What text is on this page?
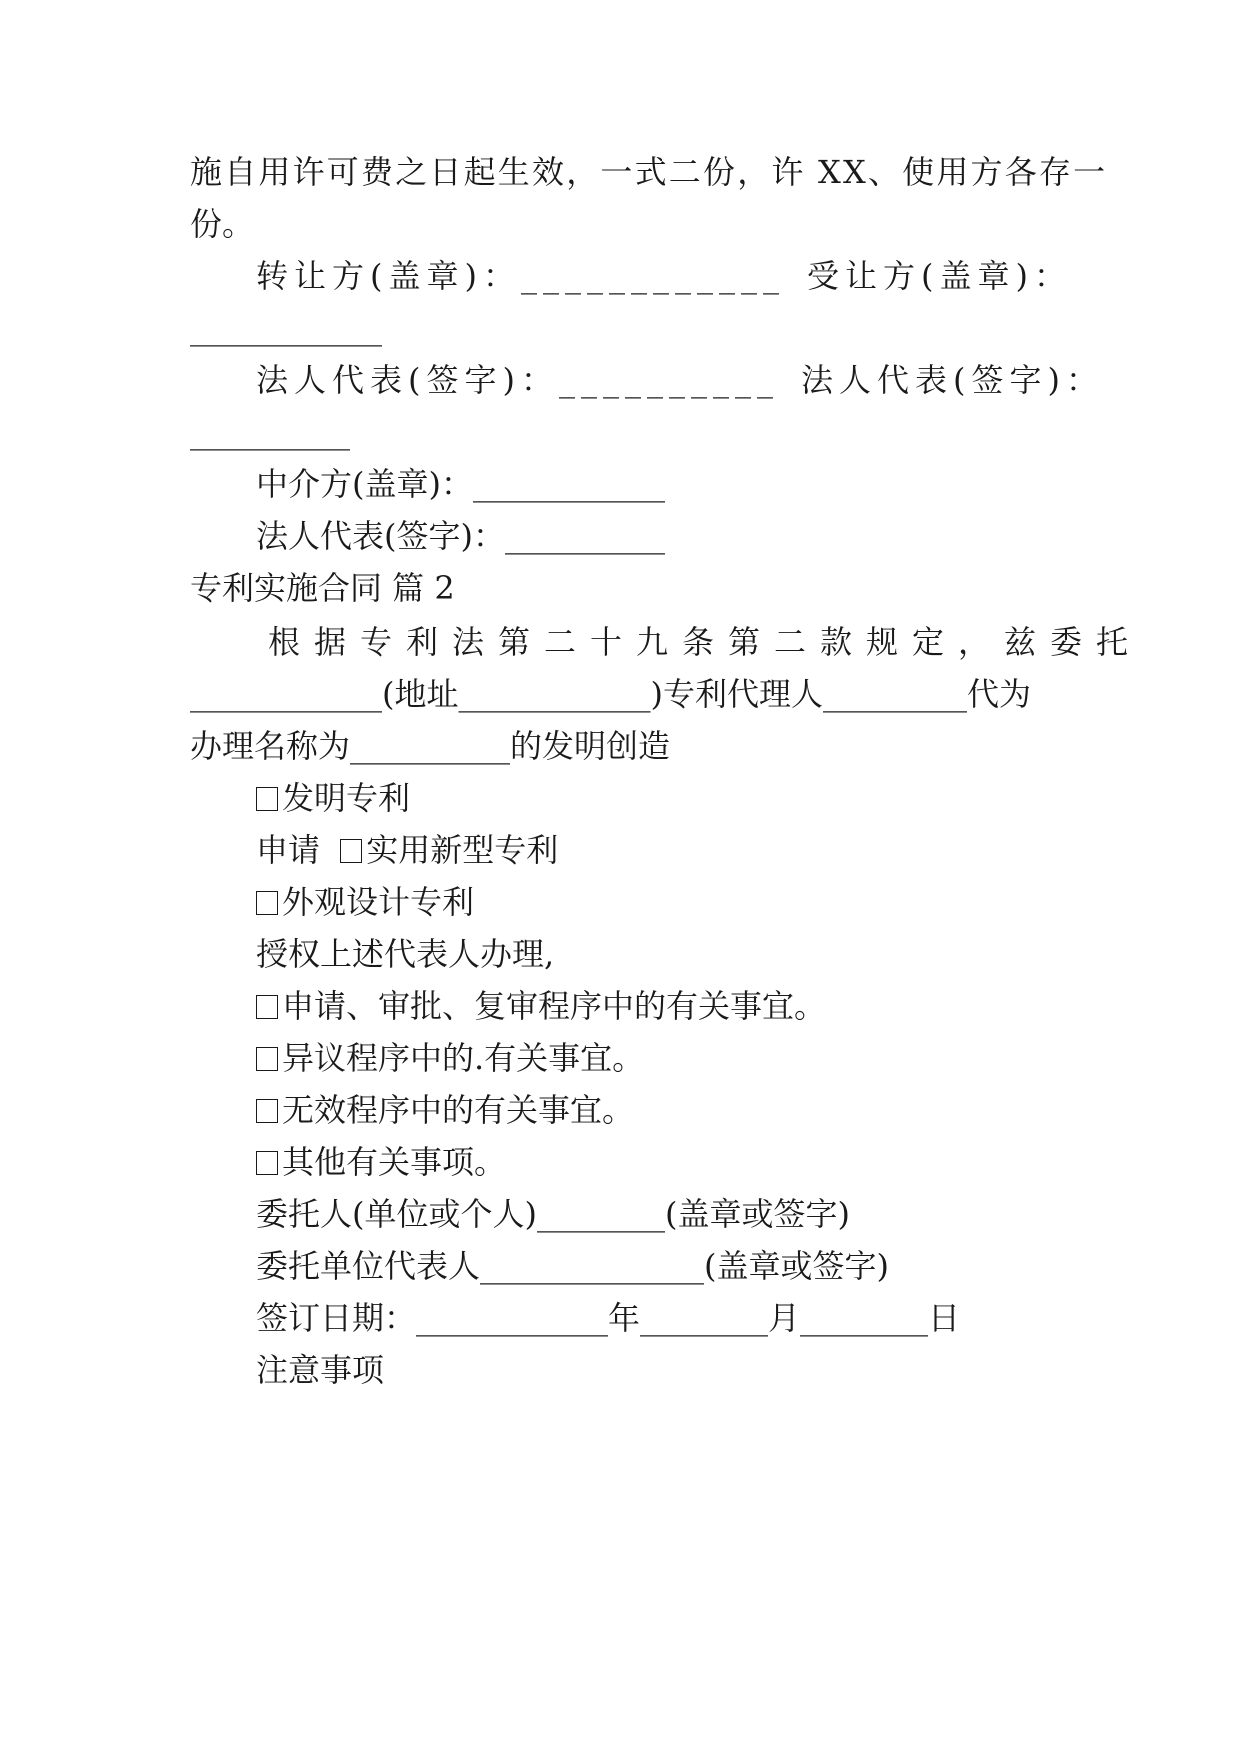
施自用许可费之日起生效，一式二份，许 XX、使用方各存一
份。
转让方(盖章)：____________ 受让方(盖章)：
____________
法人代表(签字)：__________ 法人代表(签字)：
__________
中介方(盖章)：____________
法人代表(签字)：__________
专利实施合同 篇 2
根据专利法第二十九条第二款规定，兹委托
____________(地址____________)专利代理人_________代为
办理名称为__________的发明创造
发明专利
申请 实用新型专利
外观设计专利
授权上述代表人办理,
申请、审批、复审程序中的有关事宜。
异议程序中的.有关事宜。
无效程序中的有关事宜。
其他有关事项。
委托人(单位或个人)________(盖章或签字)
委托单位代表人______________(盖章或签字)
签订日期：____________年________月________日
注意事项
